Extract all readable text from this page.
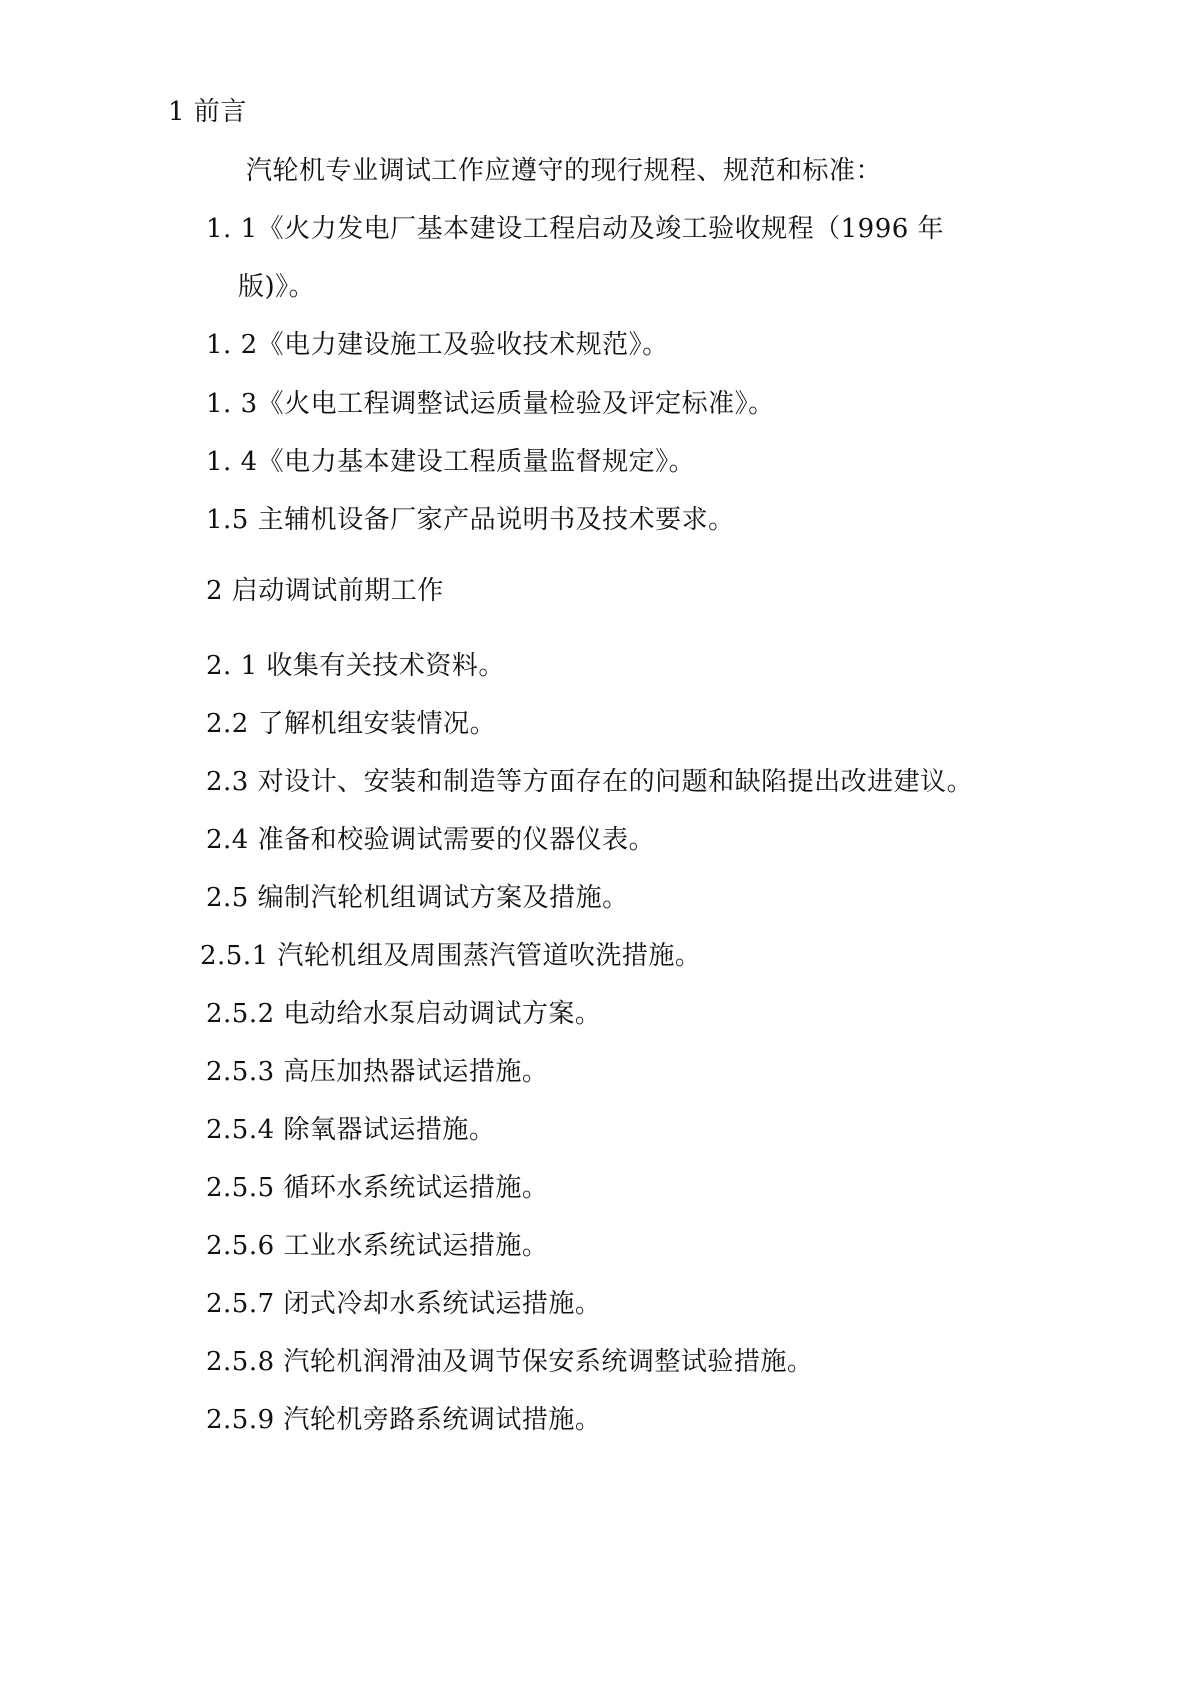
1 前言
汽轮机专业调试工作应遵守的现行规程、规范和标准：
1. 1《火力发电厂基本建设工程启动及竣工验收规程（1996 年
版)》。
1. 2《电力建设施工及验收技术规范》。
1. 3《火电工程调整试运质量检验及评定标准》。
1. 4《电力基本建设工程质量监督规定》。
1.5 主辅机设备厂家产品说明书及技术要求。
2 启动调试前期工作
2. 1 收集有关技术资料。
2.2 了解机组安装情况。
2.3 对设计、安装和制造等方面存在的问题和缺陷提出改进建议。
2.4 准备和校验调试需要的仪器仪表。
2.5 编制汽轮机组调试方案及措施。
2.5.1 汽轮机组及周围蒸汽管道吹洗措施。
2.5.2 电动给水泵启动调试方案。
2.5.3 高压加热器试运措施。
2.5.4 除氧器试运措施。
2.5.5 循环水系统试运措施。
2.5.6 工业水系统试运措施。
2.5.7 闭式冷却水系统试运措施。
2.5.8 汽轮机润滑油及调节保安系统调整试验措施。
2.5.9 汽轮机旁路系统调试措施。
